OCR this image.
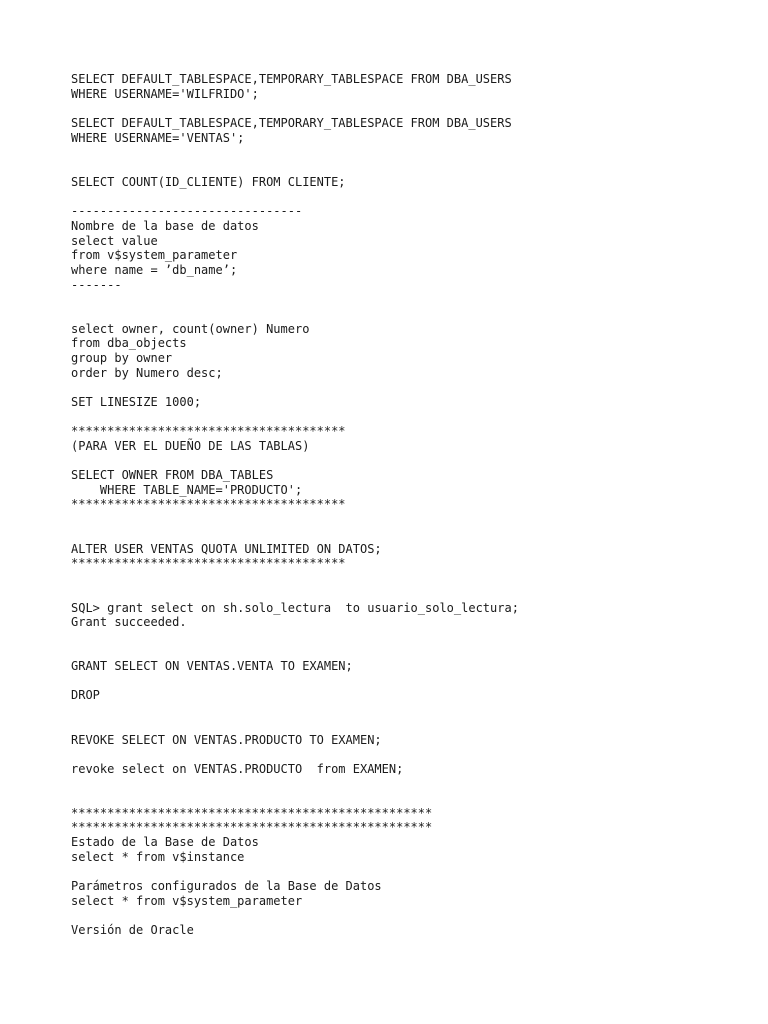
SELECT DEFAULT_TABLESPACE,TEMPORARY_TABLESPACE FROM DBA_USERS

WHERE USERNAME='WILFRIDO';

SELECT DEFAULT_TABLESPACE,TEMPORARY_TABLESPACE FROM DBA_USERS

WHERE USERNAME='VENTAS';

SELECT COUNT(ID_CLIENTE) FROM CLIENTE;

--------------------------------

Nombre de la base de datos

select value

from v$system_parameter

where name = ’db_name’;

-------

select owner, count(owner) Numero

from dba_objects

group by owner

order by Numero desc;

SET LINESIZE 1000;

**************************************

(PARA VER EL DUEÑO DE LAS TABLAS)

SELECT OWNER FROM DBA_TABLES

WHERE TABLE_NAME='PRODUCTO';

**************************************

ALTER USER VENTAS QUOTA UNLIMITED ON DATOS;

**************************************

SQL> grant select on sh.solo_lectura  to usuario_solo_lectura;

Grant succeeded.

GRANT SELECT ON VENTAS.VENTA TO EXAMEN;

DROP

REVOKE SELECT ON VENTAS.PRODUCTO TO EXAMEN;

revoke select on VENTAS.PRODUCTO  from EXAMEN;

**************************************************

**************************************************

Estado de la Base de Datos

select * from v$instance

Parámetros configurados de la Base de Datos

select * from v$system_parameter

Versión de Oracle
